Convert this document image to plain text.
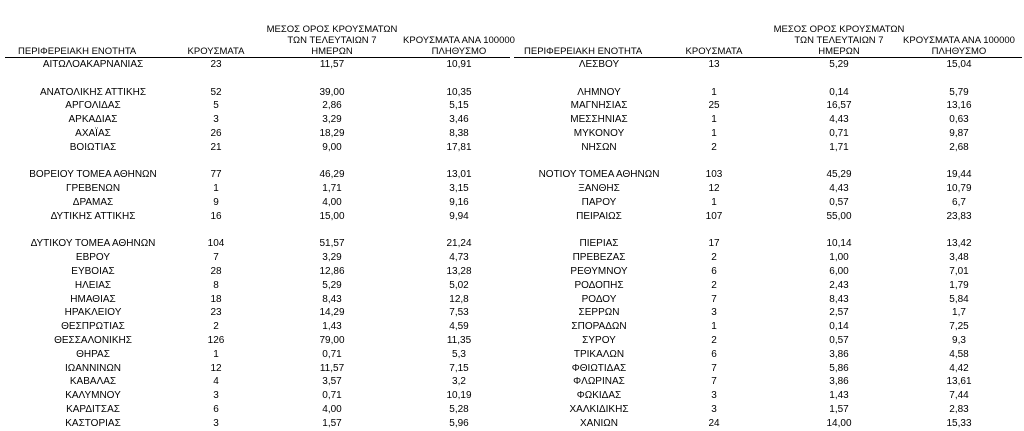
ΠΕΡΙΦΕΡΕΙΑΚΗ ΕΝΟΤΗΤΑ	ΚΡΟΥΣΜΑΤΑ
ΜΕΣΟΣ ΟΡΟΣ ΚΡΟΥΣΜΑΤΩΝ
ΤΩΝ ΤΕΛΕΥΤΑΙΩΝ 7
ΗΜΕΡΩΝ
ΚΡΟΥΣΜΑΤΑ ΑΝΑ 100000
ΠΛΗΘΥΣΜΟ
ΑΙΤΩΛΟΑΚΑΡΝΑΝΙΑΣ	23	11,57	10,91
ΑΝΑΤΟΛΙΚΗΣ ΑΤΤΙΚΗΣ	52	39,00	10,35
ΑΡΓΟΛΙΔΑΣ	5	2,86	5,15
ΑΡΚΑΔΙΑΣ	3	3,29	3,46
ΑΧΑΪΑΣ	26	18,29	8,38
ΒΟΙΩΤΙΑΣ	21	9,00	17,81
ΒΟΡΕΙΟΥ ΤΟΜΕΑ ΑΘΗΝΩΝ	77	46,29	13,01
ΓΡΕΒΕΝΩΝ	1	1,71	3,15
ΔΡΑΜΑΣ	9	4,00	9,16
ΔΥΤΙΚΗΣ ΑΤΤΙΚΗΣ	16	15,00	9,94
ΔΥΤΙΚΟΥ ΤΟΜΕΑ ΑΘΗΝΩΝ	104	51,57	21,24
ΕΒΡΟΥ	7	3,29	4,73
ΕΥΒΟΙΑΣ	28	12,86	13,28
ΗΛΕΙΑΣ	8	5,29	5,02
ΗΜΑΘΙΑΣ	18	8,43	12,8
ΗΡΑΚΛΕΙΟΥ	23	14,29	7,53
ΘΕΣΠΡΩΤΙΑΣ	2	1,43	4,59
ΘΕΣΣΑΛΟΝΙΚΗΣ	126	79,00	11,35
ΘΗΡΑΣ	1	0,71	5,3
ΙΩΑΝΝΙΝΩΝ	12	11,57	7,15
ΚΑΒΑΛΑΣ	4	3,57	3,2
ΚΑΛΥΜΝΟΥ	3	0,71	10,19
ΚΑΡΔΙΤΣΑΣ	6	4,00	5,28
ΚΑΣΤΟΡΙΑΣ	3	1,57	5,96
ΠΕΡΙΦΕΡΕΙΑΚΗ ΕΝΟΤΗΤΑ	ΚΡΟΥΣΜΑΤΑ
ΜΕΣΟΣ ΟΡΟΣ ΚΡΟΥΣΜΑΤΩΝ
ΤΩΝ ΤΕΛΕΥΤΑΙΩΝ 7
ΗΜΕΡΩΝ
ΚΡΟΥΣΜΑΤΑ ΑΝΑ 100000
ΠΛΗΘΥΣΜΟ
ΛΕΣΒΟΥ	13	5,29	15,04
ΛΗΜΝΟΥ	1	0,14	5,79
ΜΑΓΝΗΣΙΑΣ	25	16,57	13,16
ΜΕΣΣΗΝΙΑΣ	1	4,43	0,63
ΜΥΚΟΝΟΥ	1	0,71	9,87
ΝΗΣΩΝ	2	1,71	2,68
ΝΟΤΙΟΥ ΤΟΜΕΑ ΑΘΗΝΩΝ	103	45,29	19,44
ΞΑΝΘΗΣ	12	4,43	10,79
ΠΑΡΟΥ	1	0,57	6,7
ΠΕΙΡΑΙΩΣ	107	55,00	23,83
ΠΙΕΡΙΑΣ	17	10,14	13,42
ΠΡΕΒΕΖΑΣ	2	1,00	3,48
ΡΕΘΥΜΝΟΥ	6	6,00	7,01
ΡΟΔΟΠΗΣ	2	2,43	1,79
ΡΟΔΟΥ	7	8,43	5,84
ΣΕΡΡΩΝ	3	2,57	1,7
ΣΠΟΡΑΔΩΝ	1	0,14	7,25
ΣΥΡΟΥ	2	0,57	9,3
ΤΡΙΚΑΛΩΝ	6	3,86	4,58
ΦΘΙΩΤΙΔΑΣ	7	5,86	4,42
ΦΛΩΡΙΝΑΣ	7	3,86	13,61
ΦΩΚΙΔΑΣ	3	1,43	7,44
ΧΑΛΚΙΔΙΚΗΣ	3	1,57	2,83
ΧΑΝΙΩΝ	24	14,00	15,33
